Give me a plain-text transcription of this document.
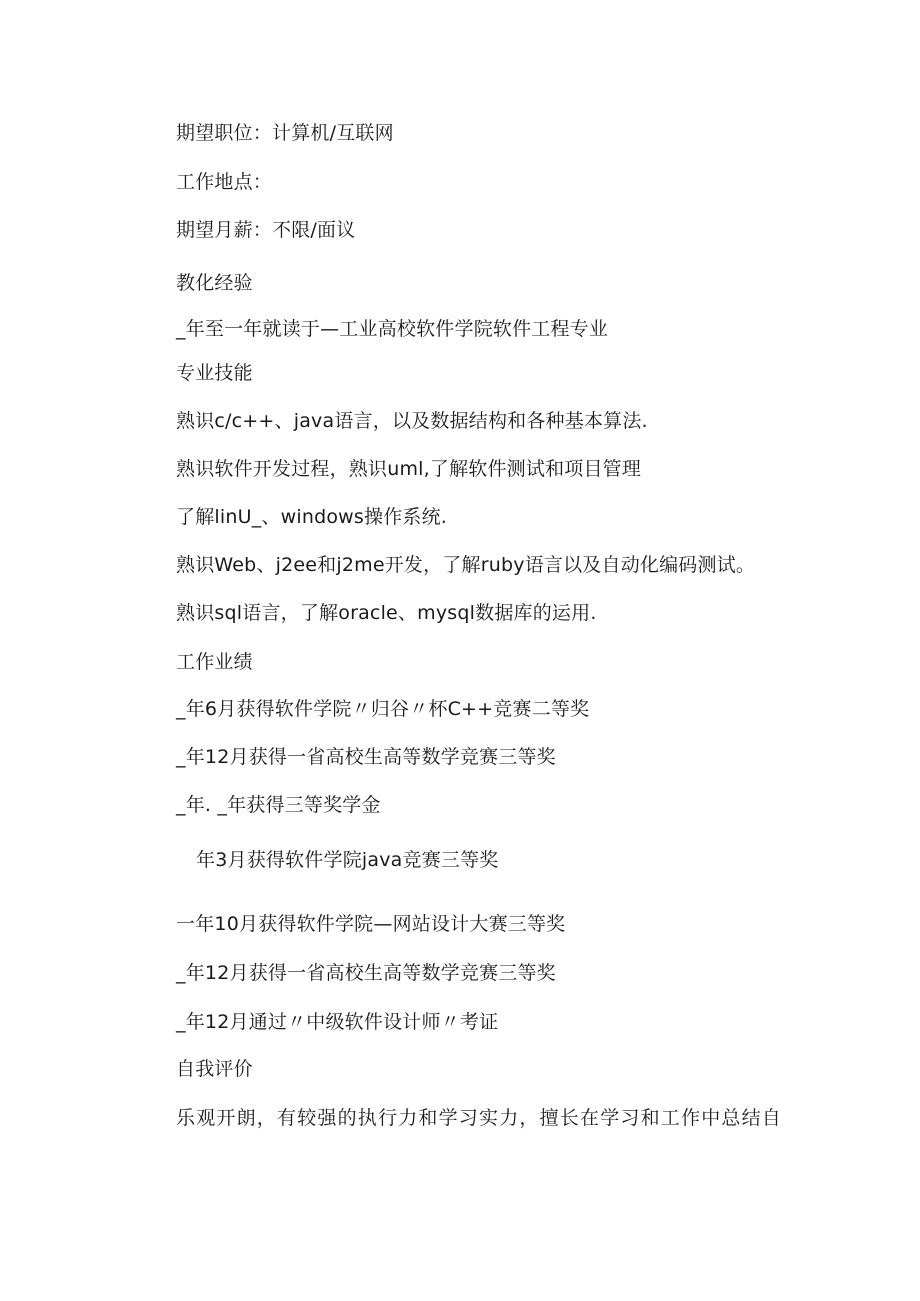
期望职位：计算机/互联网
工作地点：
期望月薪：不限/面议
教化经验
_年至一年就读于—工业高校软件学院软件工程专业
专业技能
熟识c/c++、java语言，以及数据结构和各种基本算法.
熟识软件开发过程，熟识uml,了解软件测试和项目管理
了解linU_、windows操作系统.
熟识Web、j2ee和j2me开发，了解ruby语言以及自动化编码测试。
熟识sql语言，了解oracle、mysql数据库的运用.
工作业绩
_年6月获得软件学院〃归谷〃杯C++竞赛二等奖
_年12月获得一省高校生高等数学竞赛三等奖
_年. _年获得三等奖学金
年3月获得软件学院java竞赛三等奖
一年10月获得软件学院—网站设计大赛三等奖
_年12月获得一省高校生高等数学竞赛三等奖
_年12月通过〃中级软件设计师〃考证
自我评价
乐观开朗，有较强的执行力和学习实力，擅长在学习和工作中总结自
